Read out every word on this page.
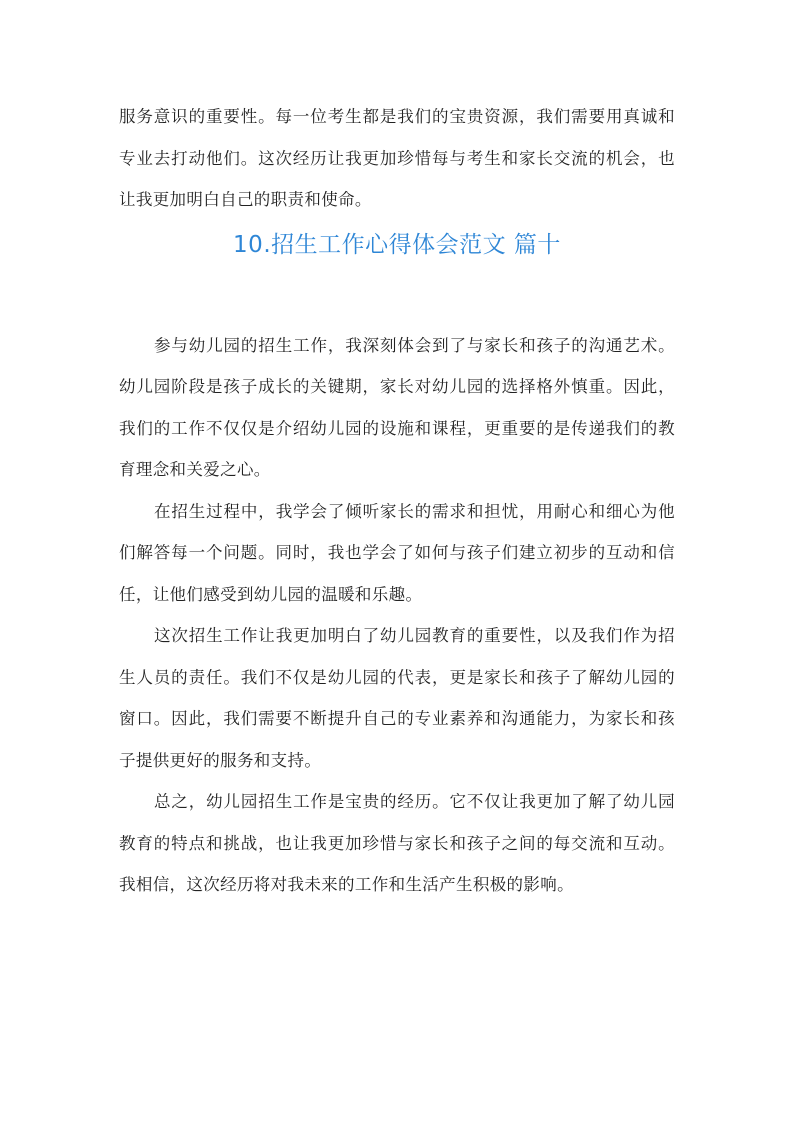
服务意识的重要性。每一位考生都是我们的宝贵资源，我们需要用真诚和专业去打动他们。这次经历让我更加珍惜每与考生和家长交流的机会，也让我更加明白自己的职责和使命。

10.招生工作心得体会范文 篇十

参与幼儿园的招生工作，我深刻体会到了与家长和孩子的沟通艺术。幼儿园阶段是孩子成长的关键期，家长对幼儿园的选择格外慎重。因此，我们的工作不仅仅是介绍幼儿园的设施和课程，更重要的是传递我们的教育理念和关爱之心。

在招生过程中，我学会了倾听家长的需求和担忧，用耐心和细心为他们解答每一个问题。同时，我也学会了如何与孩子们建立初步的互动和信任，让他们感受到幼儿园的温暖和乐趣。

这次招生工作让我更加明白了幼儿园教育的重要性，以及我们作为招生人员的责任。我们不仅是幼儿园的代表，更是家长和孩子了解幼儿园的窗口。因此，我们需要不断提升自己的专业素养和沟通能力，为家长和孩子提供更好的服务和支持。

总之，幼儿园招生工作是宝贵的经历。它不仅让我更加了解了幼儿园教育的特点和挑战，也让我更加珍惜与家长和孩子之间的每交流和互动。我相信，这次经历将对我未来的工作和生活产生积极的影响。
